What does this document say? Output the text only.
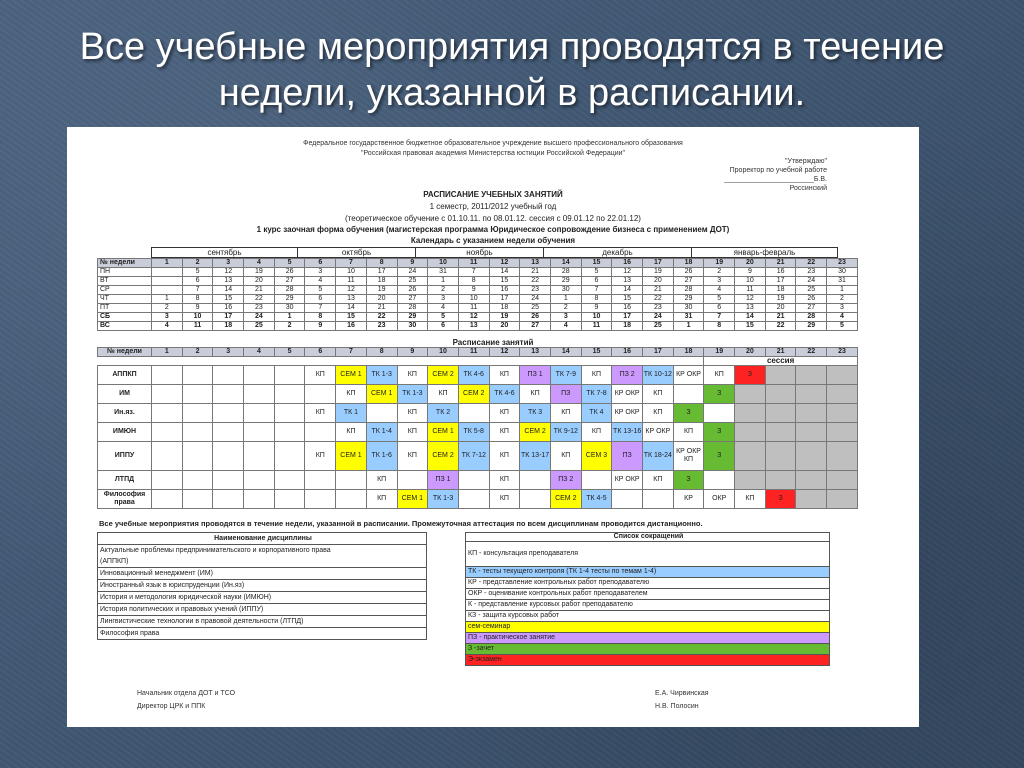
Все учебные мероприятия проводятся в течение недели, указанной в расписании.
Федеральное государственное бюджетное образовательное учреждение высшего профессионального образования
"Российская правовая академия Министерства юстиции Российской Федерации"
"Утверждаю"
Проректор по учебной работе
_______________________Б.В. Россинский
РАСПИСАНИЕ УЧЕБНЫХ ЗАНЯТИЙ
1 семестр, 2011/2012 учебный год
(теоретическое обучение с 01.10.11. по 08.01.12. сессия с 09.01.12 по 22.01.12)
1 курс заочная форма обучения (магистерская программа Юридическое сопровождение бизнеса с применением ДОТ)
Календарь с указанием недели обучения
сентябрь	октябрь	ноябрь	декабрь	январь-февраль
№ недели	1	2	3	4	5	6	7	8	9	10	11	12	13	14	15	16	17	18	19	20	21	22	23
ПН		5	12	19	26	3	10	17	24	31	7	14	21	28	5	12	19	26	2	9	16	23	30
ВТ		6	13	20	27	4	11	18	25	1	8	15	22	29	6	13	20	27	3	10	17	24	31
СР		7	14	21	28	5	12	19	26	2	9	16	23	30	7	14	21	28	4	11	18	25	1
ЧТ	1	8	15	22	29	6	13	20	27	3	10	17	24	1	8	15	22	29	5	12	19	26	2
ПТ	2	9	16	23	30	7	14	21	28	4	11	18	25	2	9	16	23	30	6	13	20	27	3
СБ	3	10	17	24	1	8	15	22	29	5	12	19	26	3	10	17	24	31	7	14	21	28	4
ВС	4	11	18	25	2	9	16	23	30	6	13	20	27	4	11	18	25	1	8	15	22	29	5
Расписание занятий
№ недели	1	2	3	4	5	6	7	8	9	10	11	12	13	14	15	16	17	18	19	20	21	22	23
																			сессия				
АППКП						КП	СЕМ 1	ТК 1-3	КП	СЕМ 2	ТК 4-6	КП	ПЗ 1	ТК 7-9	КП	ПЗ 2	ТК 10-12	КР ОКР	КП	З			
ИМ							КП	СЕМ 1	ТК 1-3	КП	СЕМ 2	ТК 4-6	КП	ПЗ	ТК 7-8	КР ОКР	КП		З				
Ин.яз.						КП	ТК 1		КП	ТК 2		КП	ТК 3	КП	ТК 4	КР ОКР	КП	З					
ИМЮН							КП	ТК 1-4	КП	СЕМ 1	ТК 5-8	КП	СЕМ 2	ТК 9-12	КП	ТК 13-16	КР ОКР	КП	З				
ИППУ						КП	СЕМ 1	ТК 1-6	КП	СЕМ 2	ТК 7-12	КП	ТК 13-17	КП	СЕМ 3	ПЗ	ТК 18-24	КР ОКР КП	З				
ЛТПД								КП		ПЗ 1		КП		ПЗ 2		КР ОКР	КП	З					
Философия права								КП	СЕМ 1	ТК 1-3		КП		СЕМ 2	ТК 4-5			КР	ОКР	КП	З		
Все учебные мероприятия проводятся в течение недели, указанной в расписании. Промежуточная аттестация по всем дисциплинам проводится дистанционно.
Наименование дисциплины
Актуальные проблемы предпринимательского и корпоративного права
(АППКП)
Инновационный менеджмент (ИМ)
Иностранный язык в юриспруденции (Ин.яз)
История и методология юридической науки (ИМЮН)
История политических и правовых учений (ИППУ)
Лингвистические технологии в правовой деятельности (ЛТПД)
Философия права
Список сокращений
КП - консультация преподавателя
ТК - тесты текущего контроля (ТК 1-4 тесты по темам 1-4)
КР - представление контрольных работ преподавателю
ОКР - оценивание контрольных работ преподавателем
К - представление курсовых работ преподавателю
КЗ - защита курсовых работ
сем-семинар
ПЗ - практическое занятие
З -зачет
Э-экзамен
Начальник отдела ДОТ и ТСО
Директор ЦРК и ППК
Е.А. Чирвинская
Н.В. Полосин
